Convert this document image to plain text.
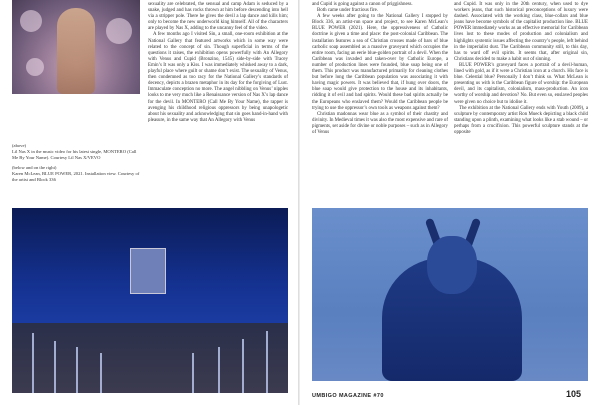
(above)
Lil Nas X in the music video for his latest single, MONTERO (Call Me By Your Name). Courtesy Lil Nas X/VEVO
(below and on the right)
Karen McLean, BLUE POWER, 2021. Installation view. Courtesy of the artist and Block 336

sexuality are celebrated, the sensual and camp Adam is seduced by a snake, judged and has rocks thrown at him before descending into hell via a stripper pole. There he gives the devil a lap dance and kills him; only to become the new underworld king himself. All of the characters are played by Nas X, adding to the uncanny feel of the video.

A few months ago I visited Sin, a small, one-room exhibition at the National Gallery that featured artworks which in some way were related to the concept of sin. Though superficial in terms of the questions it raises, the exhibition opens powerfully with An Allegory with Venus and Cupid (Bronzino, 1545) side-by-side with Tracey Emin’s It was only a Kiss. I was immediately whisked away to a dark, playful place where guilt or shame don’t exist. The sexuality of Venus, then condemned as too racy for the National Gallery’s standards of decency, depicts a brazen metaphor in its day for the forgiving of Lust. Immaculate conception no more. The angel nibbling on Venus’ nipples looks to me very much like a Renaissance version of Nas X’s lap dance for the devil. In MONTERO (Call Me By Your Name), the rapper is avenging his childhood religious oppressors by being unapologetic about his sexuality and acknowledging that sin goes hand-in-hand with pleasure, in the same way that An Allegory with Venus

and Cupid is going against a canon of priggishness.

Both came under fractious fire.

A few weeks after going to the National Gallery I stopped by Block 336, an artist-run space and project, to see Karen McLean’s BLUE POWER (2021). Here, the oppressiveness of Catholic doctrine is given a time and place: the post-colonial Caribbean. The installation features a sea of Christian crosses made of bars of blue carbolic soap assembled as a massive graveyard which occupies the entire room, facing an eerie blue-golden portrait of a devil. When the Caribbean was invaded and taken-over by Catholic Europe, a number of production lines were founded, blue soap being one of them. This product was manufactured primarily for cleaning clothes but before long the Caribbean population was associating it with having magic powers. It was believed that, if hung over doors, the blue soap would give protection to the house and its inhabitants, ridding it of evil and bad spirits. Would these bad spirits actually be the Europeans who enslaved them? Would the Caribbean people be trying to use the oppressor’s own tools as weapons against them?

Christian madonnas wear blue as a symbol of their chastity and divinity. In Medieval times it was also the most expensive and rare of pigments, set aside for divine or noble purposes – such as in Allegory of Venus

and Cupid. It was only in the 20th century, when used to dye workers jeans, that such historical preconceptions of luxury were dashed. Associated with the working class, blue-collars and blue jeans have become symbols of the capitalist production line. BLUE POWER immediately works as an effective memorial for Caribbean lives lost to these modes of production and colonialism and highlights systemic issues affecting the country’s people, left behind in the imperialist dust. The Caribbean community still, to this day, has to ward off evil spirits. It seems that, after original sin, Christians decided to make a habit out of sinning.

BLUE POWER’s graveyard faces a portrait of a devil-human, lined with gold, as if it were a Christian icon at a church. His face is blue. Celestial blue? Personally I don’t think so. What McLean is presenting us with is the Caribbean figure of worship: the European devil, and its capitalism, colonialism, mass-production. An icon worthy of worship and devotion? No. But even so, enslaved peoples were given no choice but to idolise it.

The exhibition at the National Gallery ends with Youth (2009), a sculpture by contemporary artist Ron Mueck depicting a black child standing upon a plinth, examining what looks like a stab wound – or perhaps from a crucifixion. This powerful sculpture stands at the opposite

UMBIGO MAGAZINE #70	105
